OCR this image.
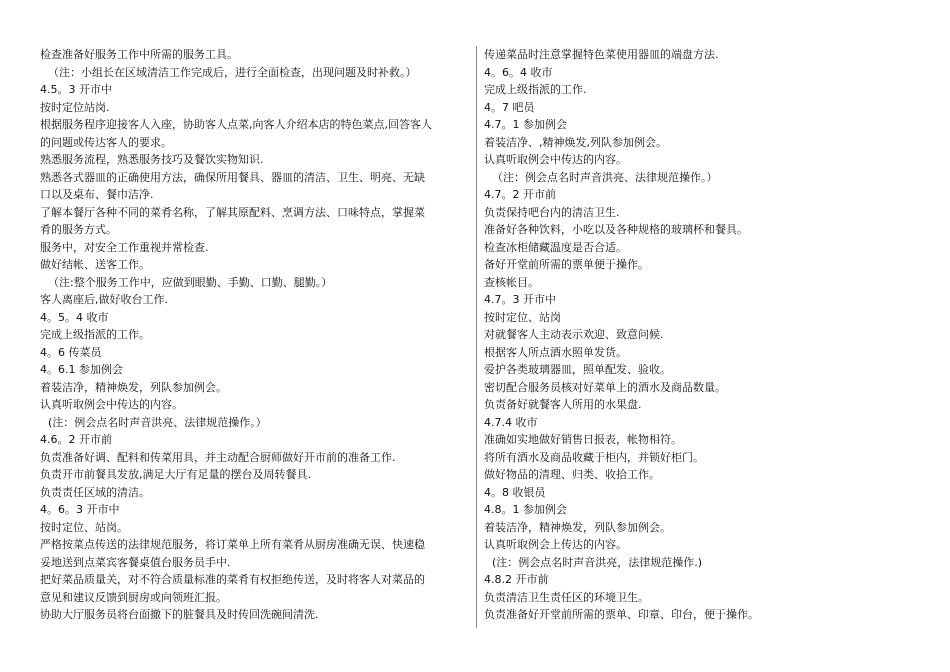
检查准备好服务工作中所需的服务工具。
（注：小组长在区域清洁工作完成后，进行全面检查，出现问题及时补救。）
4.5。3 开市中
按时定位站岗.
根据服务程序迎接客人入座，协助客人点菜,向客人介绍本店的特色菜点,回答客人
的问题或传达客人的要求。
熟悉服务流程，熟悉服务技巧及餐饮实物知识.
熟悉各式器皿的正确使用方法，确保所用餐具、器皿的清洁、卫生、明亮、无缺
口以及桌布、餐巾洁净.
了解本餐厅各种不同的菜肴名称，了解其原配料、烹调方法、口味特点，掌握菜
肴的服务方式。
服务中，对安全工作重视并常检查.
做好结帐、送客工作。
（注:整个服务工作中，应做到眼勤、手勤、口勤、腿勤。）
客人离座后,做好收台工作.
4。5。4 收市
完成上级指派的工作。
4。6 传菜员
4。6.1 参加例会
着装洁净，精神焕发，列队参加例会。
认真听取例会中传达的内容。
(注：例会点名时声音洪亮、法律规范操作。）
4.6。2 开市前
负责准备好调、配料和传菜用具，并主动配合厨师做好开市前的准备工作.
负责开市前餐具发放,满足大厅有足量的摆台及周转餐具.
负责责任区域的清洁。
4。6。3 开市中
按时定位、站岗。
严格按菜点传送的法律规范服务，将订菜单上所有菜肴从厨房准确无误、快速稳
妥地送到点菜宾客餐桌值台服务员手中.
把好菜品质量关，对不符合质量标准的菜肴有权拒绝传送，及时将客人对菜品的
意见和建议反馈到厨房或向领班汇报。
协助大厅服务员将台面撤下的脏餐具及时传回洗碗间清洗.
传递菜品时注意掌握特色菜使用器皿的端盘方法.
4。6。4 收市
完成上级指派的工作.
4。7 吧员
4.7。1 参加例会
着装洁净、,精神焕发,列队参加例会。
认真听取例会中传达的内容。
（注：例会点名时声音洪亮、法律规范操作。）
4.7。2 开市前
负责保持吧台内的清洁卫生.
准备好各种饮料，小吃以及各种规格的玻璃杯和餐具。
检查冰柜储藏温度是否合适。
备好开堂前所需的票单便于操作。
查核帐目。
4.7。3 开市中
按时定位、站岗
对就餐客人主动表示欢迎、致意问候.
根据客人所点酒水照单发货。
爱护各类玻璃器皿，照单配发、验收。
密切配合服务员核对好菜单上的酒水及商品数量。
负责备好就餐客人所用的水果盘.
4.7.4 收市
准确如实地做好销售日报表，帐物相符。
将所有酒水及商品收藏于柜内，并锁好柜门。
做好物品的清理、归类、收拾工作。
4。8 收银员
4.8。1 参加例会
着装洁净，精神焕发，列队参加例会。
认真听取例会上传达的内容。
(注：例会点名时声音洪亮，法律规范操作.)
4.8.2 开市前
负责清洁卫生责任区的环境卫生。
负责准备好开堂前所需的票单、印章、印台，便于操作。
